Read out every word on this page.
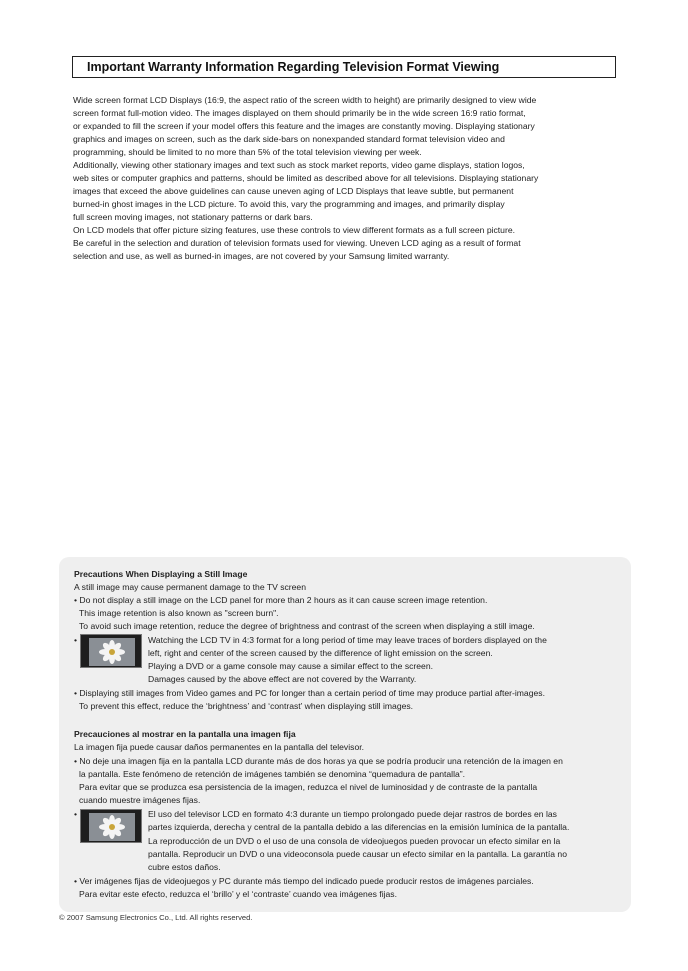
Important Warranty Information Regarding Television Format Viewing
Wide screen format LCD Displays (16:9, the aspect ratio of the screen width to height) are primarily designed to view wide
screen format full-motion video. The images displayed on them should primarily be in the wide screen 16:9 ratio format,
or expanded to fill the screen if your model offers this feature and the images are constantly moving. Displaying stationary
graphics and images on screen, such as the dark side-bars on nonexpanded standard format television video and
programming, should be limited to no more than 5% of the total television viewing per week.
Additionally, viewing other stationary images and text such as stock market reports, video game displays, station logos,
web sites or computer graphics and patterns, should be limited as described above for all televisions. Displaying stationary
images that exceed the above guidelines can cause uneven aging of LCD Displays that leave subtle, but permanent
burned-in ghost images in the LCD picture. To avoid this, vary the programming and images, and primarily display
full screen moving images, not stationary patterns or dark bars.
On LCD models that offer picture sizing features, use these controls to view different formats as a full screen picture.
Be careful in the selection and duration of television formats used for viewing. Uneven LCD aging as a result of format
selection and use, as well as burned-in images, are not covered by your Samsung limited warranty.
Precautions When Displaying a Still Image
A still image may cause permanent damage to the TV screen
• Do not display a still image on the LCD panel for more than 2 hours as it can cause screen image retention.
This image retention is also known as "screen burn".
To avoid such image retention, reduce the degree of brightness and contrast of the screen when displaying a still image.
•	Watching the LCD TV in 4:3 format for a long period of time may leave traces of borders displayed on the
left, right and center of the screen caused by the difference of light emission on the screen.
Playing a DVD or a game console may cause a similar effect to the screen.
Damages caused by the above effect are not covered by the Warranty.
• Displaying still images from Video games and PC for longer than a certain period of time may produce partial after-images.
To prevent this effect, reduce the ‘brightness’ and ‘contrast’ when displaying still images.
Precauciones al mostrar en la pantalla una imagen fija
La imagen fija puede causar daños permanentes en la pantalla del televisor.
• No deje una imagen fija en la pantalla LCD durante más de dos horas ya que se podría producir una retención de la imagen en
la pantalla. Este fenómeno de retención de imágenes también se denomina “quemadura de pantalla”.
Para evitar que se produzca esa persistencia de la imagen, reduzca el nivel de luminosidad y de contraste de la pantalla
cuando muestre imágenes fijas.
•	El uso del televisor LCD en formato 4:3 durante un tiempo prolongado puede dejar rastros de bordes en las
partes izquierda, derecha y central de la pantalla debido a las diferencias en la emisión lumínica de la pantalla.
La reproducción de un DVD o el uso de una consola de videojuegos pueden provocar un efecto similar en la
pantalla. Reproducir un DVD o una videoconsola puede causar un efecto similar en la pantalla. La garantía no
cubre estos daños.
• Ver imágenes fijas de videojuegos y PC durante más tiempo del indicado puede producir restos de imágenes parciales.
Para evitar este efecto, reduzca el ‘brillo’ y el ‘contraste’ cuando vea imágenes fijas.
© 2007 Samsung Electronics Co., Ltd. All rights reserved.
